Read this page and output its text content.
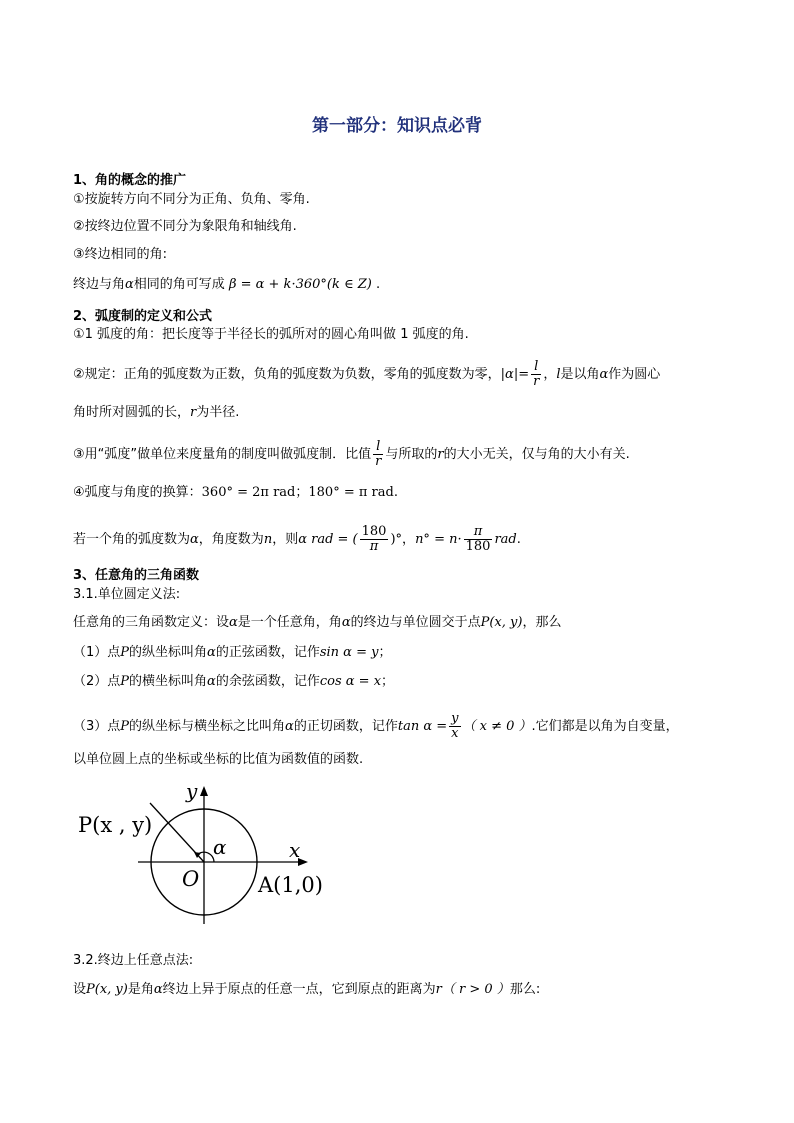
第一部分：知识点必背
1、角的概念的推广
①按旋转方向不同分为正角、负角、零角.
②按终边位置不同分为象限角和轴线角.
③终边相同的角:
终边与角α相同的角可写成 β = α + k·360°(k ∈ Z) .
2、弧度制的定义和公式
①1 弧度的角：把长度等于半径长的弧所对的圆心角叫做 1 弧度的角.
②规定：正角的弧度数为正数，负角的弧度数为负数，零角的弧度数为零，$|\alpha|= \frac{l}{r}$ ，l是以角α作为圆心
角时所对圆弧的长，r为半径.
③用“弧度”做单位来度量角的制度叫做弧度制．比值 $\frac{l}{r}$ 与所取的r的大小无关，仅与角的大小有关.
④弧度与角度的换算：360° = 2π rad；180° = π rad.
若一个角的弧度数为α，角度数为n，则α rad = ( $\frac{180}{\pi}$ )°，$n^\circ = n\cdot \frac{\pi}{180}$ rad.
3、任意角的三角函数
3.1.单位圆定义法:
任意角的三角函数定义：设α是一个任意角，角α的终边与单位圆交于点P(x, y)，那么
（1）点P的纵坐标叫角α的正弦函数，记作sin α = y；
（2）点P的横坐标叫角α的余弦函数，记作cos α = x；
（3）点P的纵坐标与横坐标之比叫角α的正切函数，记作$\tan \alpha = \frac{y}{x}$ （ x ≠ 0 ）.它们都是以角为自变量，
以单位圆上点的坐标或坐标的比值为函数值的函数.
P(x , y)
y
x
α
O	A(1,0)
3.2.终边上任意点法:
设P(x, y)是角α终边上异于原点的任意一点，它到原点的距离为r（ r > 0 ）那么:
